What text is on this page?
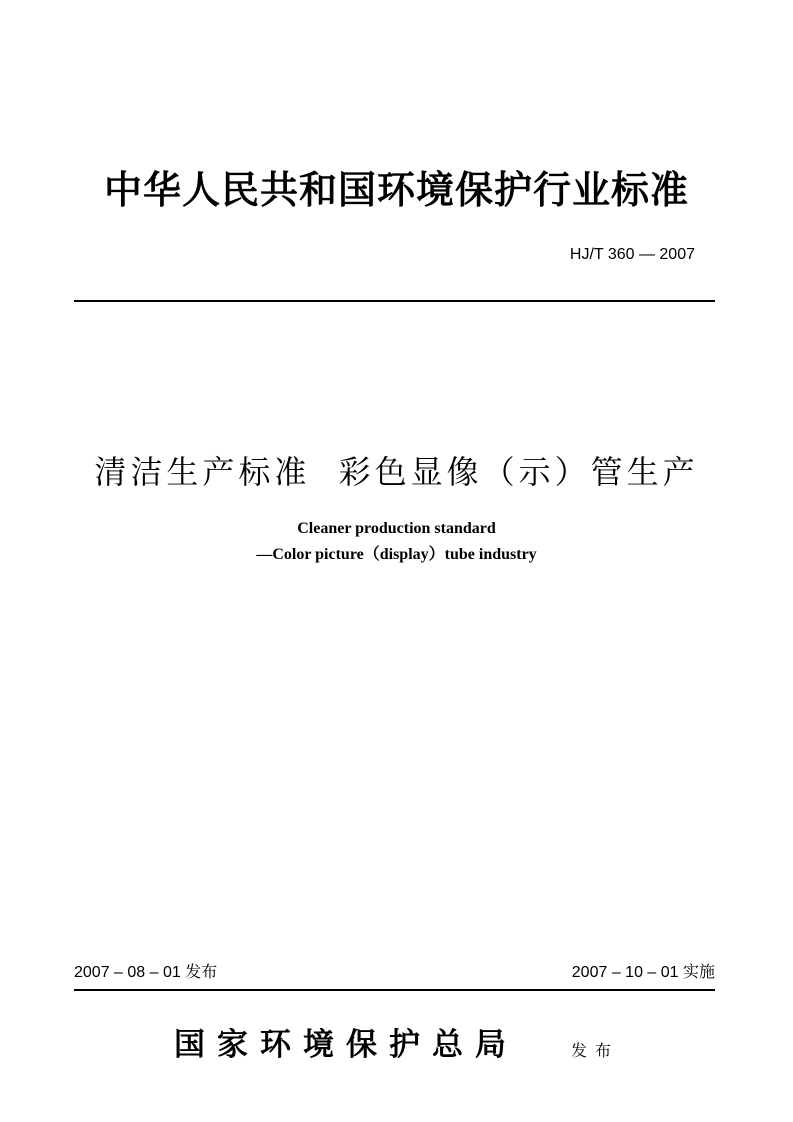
中华人民共和国环境保护行业标准
HJ/T 360 — 2007
清洁生产标准  彩色显像（示）管生产
Cleaner production standard
—Color picture（display）tube industry
2007 – 08 – 01 发布	2007 – 10 – 01 实施
国家环境保护总局	发布
